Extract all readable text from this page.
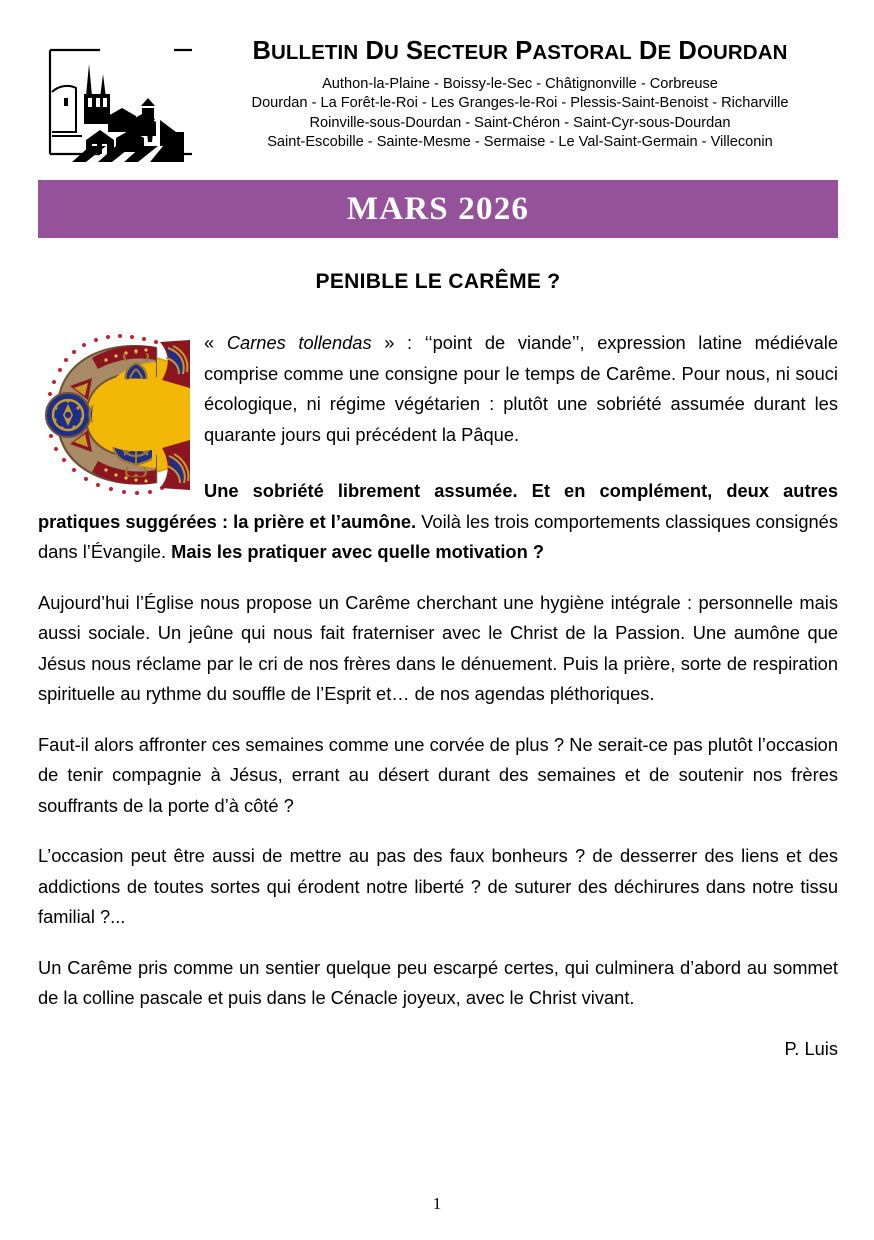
BULLETIN DU SECTEUR PASTORAL DE DOURDAN
Authon-la-Plaine - Boissy-le-Sec - Châtignonville - Corbreuse
Dourdan - La Forêt-le-Roi - Les Granges-le-Roi - Plessis-Saint-Benoist - Richarville
Roinville-sous-Dourdan - Saint-Chéron - Saint-Cyr-sous-Dourdan
Saint-Escobille - Sainte-Mesme - Sermaise - Le Val-Saint-Germain - Villeconin
MARS 2026
PENIBLE LE CARÊME ?

« Carnes tollendas » : ‘‘point de viande’’, expression latine médiévale comprise comme une consigne pour le temps de Carême. Pour nous, ni souci écologique, ni régime végétarien : plutôt une sobriété assumée durant les quarante jours qui précédent la Pâque.

Une sobriété librement assumée. Et en complément, deux autres pratiques suggérées : la prière et l’aumône. Voilà les trois comportements classiques consignés dans l’Évangile. Mais les pratiquer avec quelle motivation ?

Aujourd’hui l’Église nous propose un Carême cherchant une hygiène intégrale : personnelle mais aussi sociale. Un jeûne qui nous fait fraterniser avec le Christ de la Passion. Une aumône que Jésus nous réclame par le cri de nos frères dans le dénuement. Puis la prière, sorte de respiration spirituelle au rythme du souffle de l’Esprit et… de nos agendas pléthoriques.

Faut-il alors affronter ces semaines comme une corvée de plus ? Ne serait-ce pas plutôt l’occasion de tenir compagnie à Jésus, errant au désert durant des semaines et de soutenir nos frères souffrants de la porte d’à côté ?

L’occasion peut être aussi de mettre au pas des faux bonheurs ? de desserrer des liens et des addictions de toutes sortes qui érodent notre liberté ? de suturer des déchirures dans notre tissu familial ?...

Un Carême pris comme un sentier quelque peu escarpé certes, qui culminera d’abord au sommet de la colline pascale et puis dans le Cénacle joyeux, avec le Christ vivant.

P. Luis
1
